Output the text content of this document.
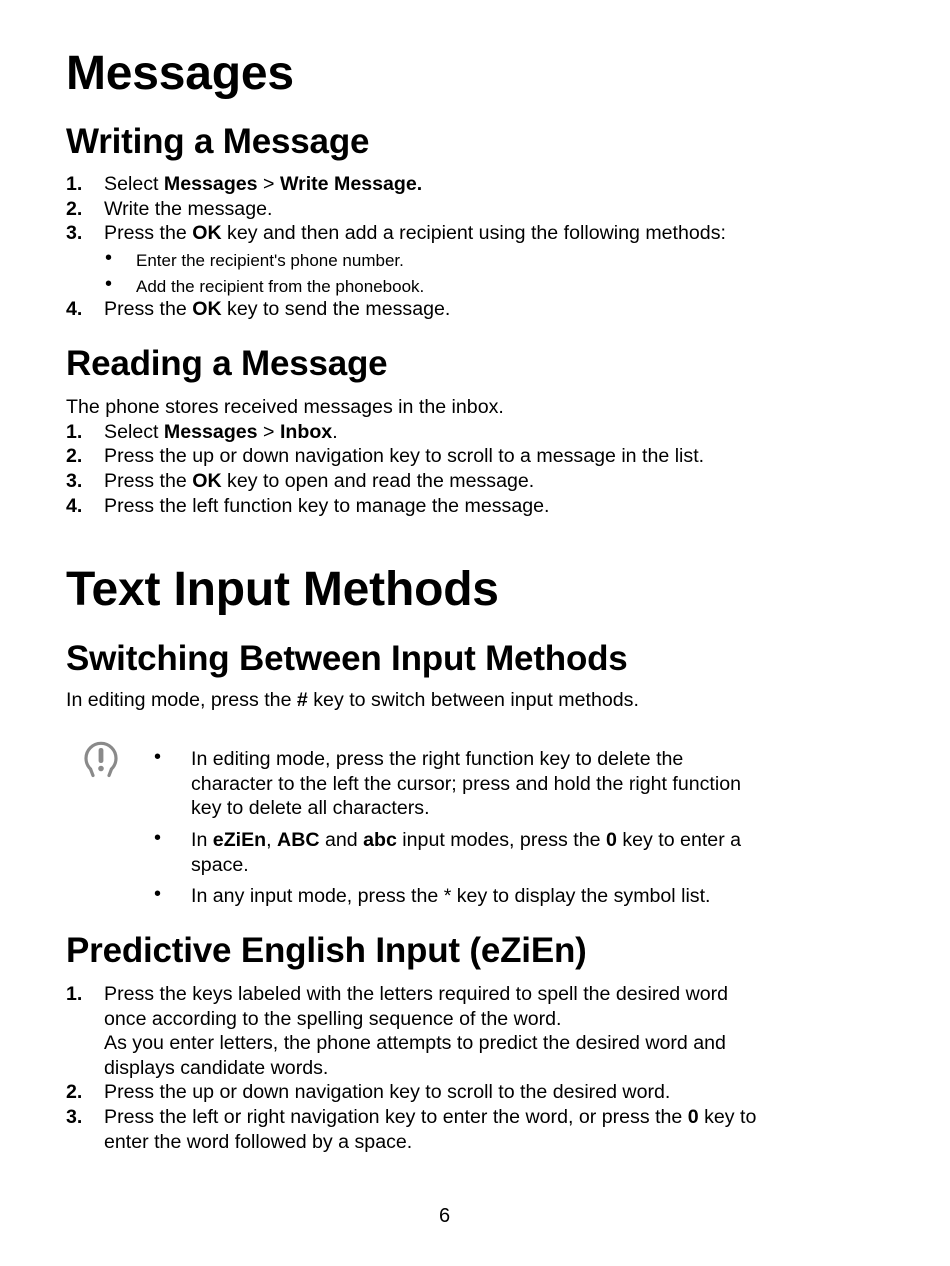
Messages
Writing a Message
1. Select Messages > Write Message.
2. Write the message.
3. Press the OK key and then add a recipient using the following methods:
• Enter the recipient's phone number.
• Add the recipient from the phonebook.
4. Press the OK key to send the message.
Reading a Message
The phone stores received messages in the inbox.
1. Select Messages > Inbox.
2. Press the up or down navigation key to scroll to a message in the list.
3. Press the OK key to open and read the message.
4. Press the left function key to manage the message.
Text Input Methods
Switching Between Input Methods
In editing mode, press the # key to switch between input methods.
• In editing mode, press the right function key to delete the
character to the left the cursor; press and hold the right function
key to delete all characters.
• In eZiEn, ABC and abc input modes, press the 0 key to enter a
space.
• In any input mode, press the * key to display the symbol list.
Predictive English Input (eZiEn)
1. Press the keys labeled with the letters required to spell the desired word
once according to the spelling sequence of the word.
As you enter letters, the phone attempts to predict the desired word and
displays candidate words.
2. Press the up or down navigation key to scroll to the desired word.
3. Press the left or right navigation key to enter the word, or press the 0 key to
enter the word followed by a space.
6
